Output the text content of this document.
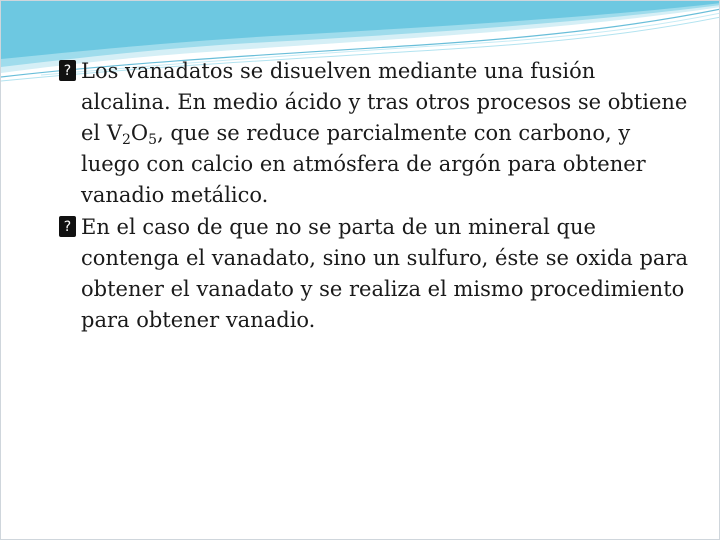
? Los vanadatos se disuelven mediante una fusión alcalina. En medio ácido y tras otros procesos se obtiene el $V_2O_5$, que se reduce parcialmente con carbono, y luego con calcio en atmósfera de argón para obtener vanadio metálico.

? En el caso de que no se parta de un mineral que contenga el vanadato, sino un sulfuro, éste se oxida para obtener el vanadato y se realiza el mismo procedimiento para obtener vanadio.
